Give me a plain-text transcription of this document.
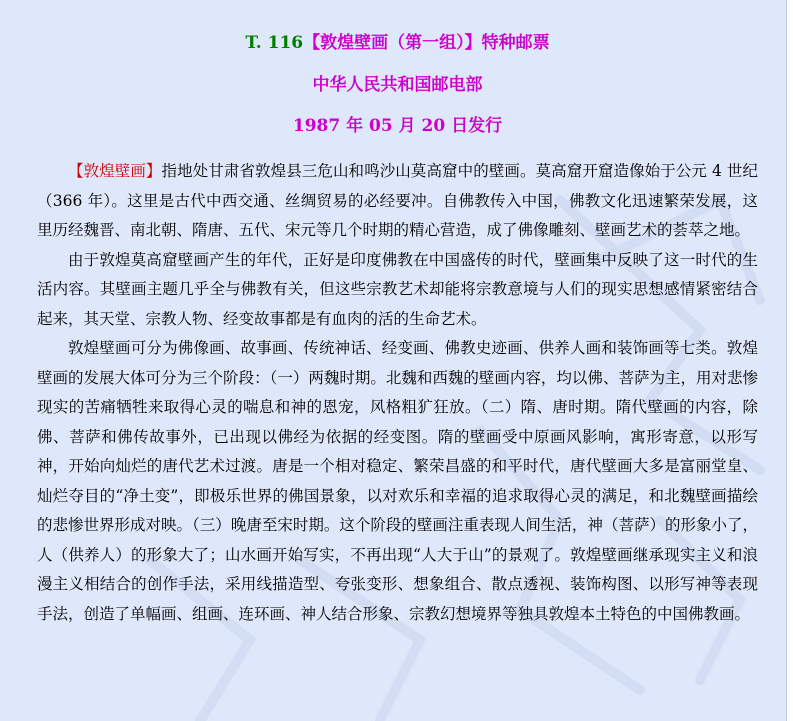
T. 116【敦煌壁画（第一组）】特种邮票

中华人民共和国邮电部

1987 年 05 月 20 日发行

【敦煌壁画】指地处甘肃省敦煌县三危山和鸣沙山莫高窟中的壁画。莫高窟开窟造像始于公元 4 世纪（366 年）。这里是古代中西交通、丝绸贸易的必经要冲。自佛教传入中国，佛教文化迅速繁荣发展，这里历经魏晋、南北朝、隋唐、五代、宋元等几个时期的精心营造，成了佛像雕刻、壁画艺术的荟萃之地。

由于敦煌莫高窟壁画产生的年代，正好是印度佛教在中国盛传的时代，壁画集中反映了这一时代的生活内容。其壁画主题几乎全与佛教有关，但这些宗教艺术却能将宗教意境与人们的现实思想感情紧密结合起来，其天堂、宗教人物、经变故事都是有血肉的活的生命艺术。

敦煌壁画可分为佛像画、故事画、传统神话、经变画、佛教史迹画、供养人画和装饰画等七类。敦煌壁画的发展大体可分为三个阶段：（一）两魏时期。北魏和西魏的壁画内容，均以佛、菩萨为主，用对悲惨现实的苦痛牺牲来取得心灵的喘息和神的恩宠，风格粗犷狂放。（二）隋、唐时期。隋代壁画的内容，除佛、菩萨和佛传故事外，已出现以佛经为依据的经变图。隋的壁画受中原画风影响，寓形寄意，以形写神，开始向灿烂的唐代艺术过渡。唐是一个相对稳定、繁荣昌盛的和平时代，唐代壁画大多是富丽堂皇、灿烂夺目的“净土变”，即极乐世界的佛国景象，以对欢乐和幸福的追求取得心灵的满足，和北魏壁画描绘的悲惨世界形成对映。（三）晚唐至宋时期。这个阶段的壁画注重表现人间生活，神（菩萨）的形象小了，人（供养人）的形象大了；山水画开始写实，不再出现“人大于山”的景观了。敦煌壁画继承现实主义和浪漫主义相结合的创作手法，采用线描造型、夸张变形、想象组合、散点透视、装饰构图、以形写神等表现手法，创造了单幅画、组画、连环画、神人结合形象、宗教幻想境界等独具敦煌本土特色的中国佛教画。
